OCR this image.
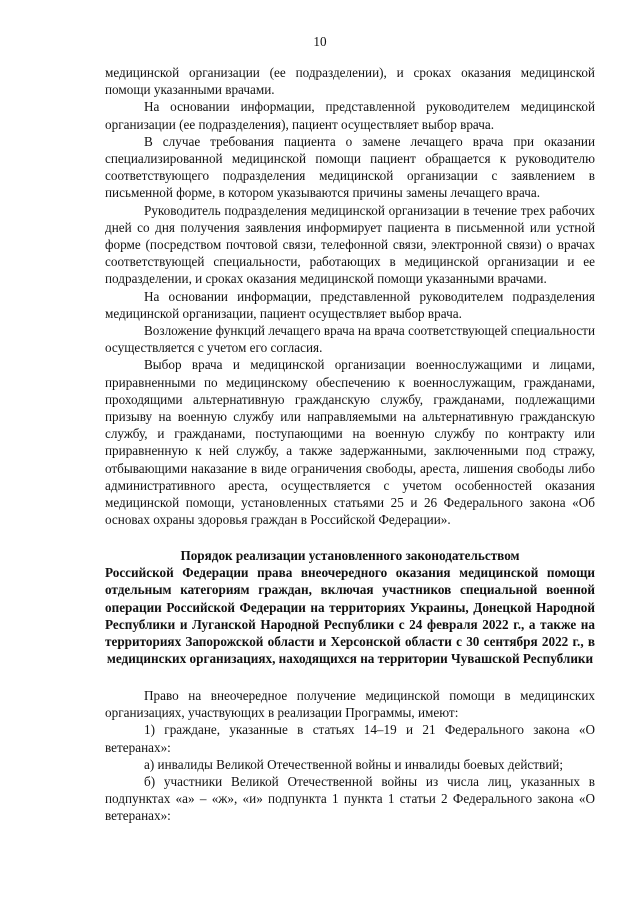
10

медицинской организации (ее подразделении), и сроках оказания медицинской помощи указанными врачами.

На основании информации, представленной руководителем медицинской организации (ее подразделения), пациент осуществляет выбор врача.

В случае требования пациента о замене лечащего врача при оказании специализированной медицинской помощи пациент обращается к руководителю соответствующего подразделения медицинской организации с заявлением в письменной форме, в котором указываются причины замены лечащего врача.

Руководитель подразделения медицинской организации в течение трех рабочих дней со дня получения заявления информирует пациента в письменной или устной форме (посредством почтовой связи, телефонной связи, электронной связи) о врачах соответствующей специальности, работающих в медицинской организации и ее подразделении, и сроках оказания медицинской помощи указанными врачами.

На основании информации, представленной руководителем подразделения медицинской организации, пациент осуществляет выбор врача.

Возложение функций лечащего врача на врача соответствующей специальности осуществляется с учетом его согласия.

Выбор врача и медицинской организации военнослужащими и лицами, приравненными по медицинскому обеспечению к военнослужащим, гражданами, проходящими альтернативную гражданскую службу, гражданами, подлежащими призыву на военную службу или направляемыми на альтернативную гражданскую службу, и гражданами, поступающими на военную службу по контракту или приравненную к ней службу, а также задержанными, заключенными под стражу, отбывающими наказание в виде ограничения свободы, ареста, лишения свободы либо административного ареста, осуществляется с учетом особенностей оказания медицинской помощи, установленных статьями 25 и 26 Федерального закона «Об основах охраны здоровья граждан в Российской Федерации».

Порядок реализации установленного законодательством

Российской Федерации права внеочередного оказания медицинской помощи отдельным категориям граждан, включая участников специальной военной операции Российской Федерации на территориях Украины, Донецкой Народной Республики и Луганской Народной Республики с 24 февраля 2022 г., а также на территориях Запорожской области и Херсонской области с 30 сентября 2022 г., в медицинских организациях, находящихся на территории Чувашской Республики

Право на внеочередное получение медицинской помощи в медицинских организациях, участвующих в реализации Программы, имеют:

1) граждане, указанные в статьях 14–19 и 21 Федерального закона «О ветеранах»:

а) инвалиды Великой Отечественной войны и инвалиды боевых действий;

б) участники Великой Отечественной войны из числа лиц, указанных в подпунктах «а» – «ж», «и» подпункта 1 пункта 1 статьи 2 Федерального закона «О ветеранах»:
